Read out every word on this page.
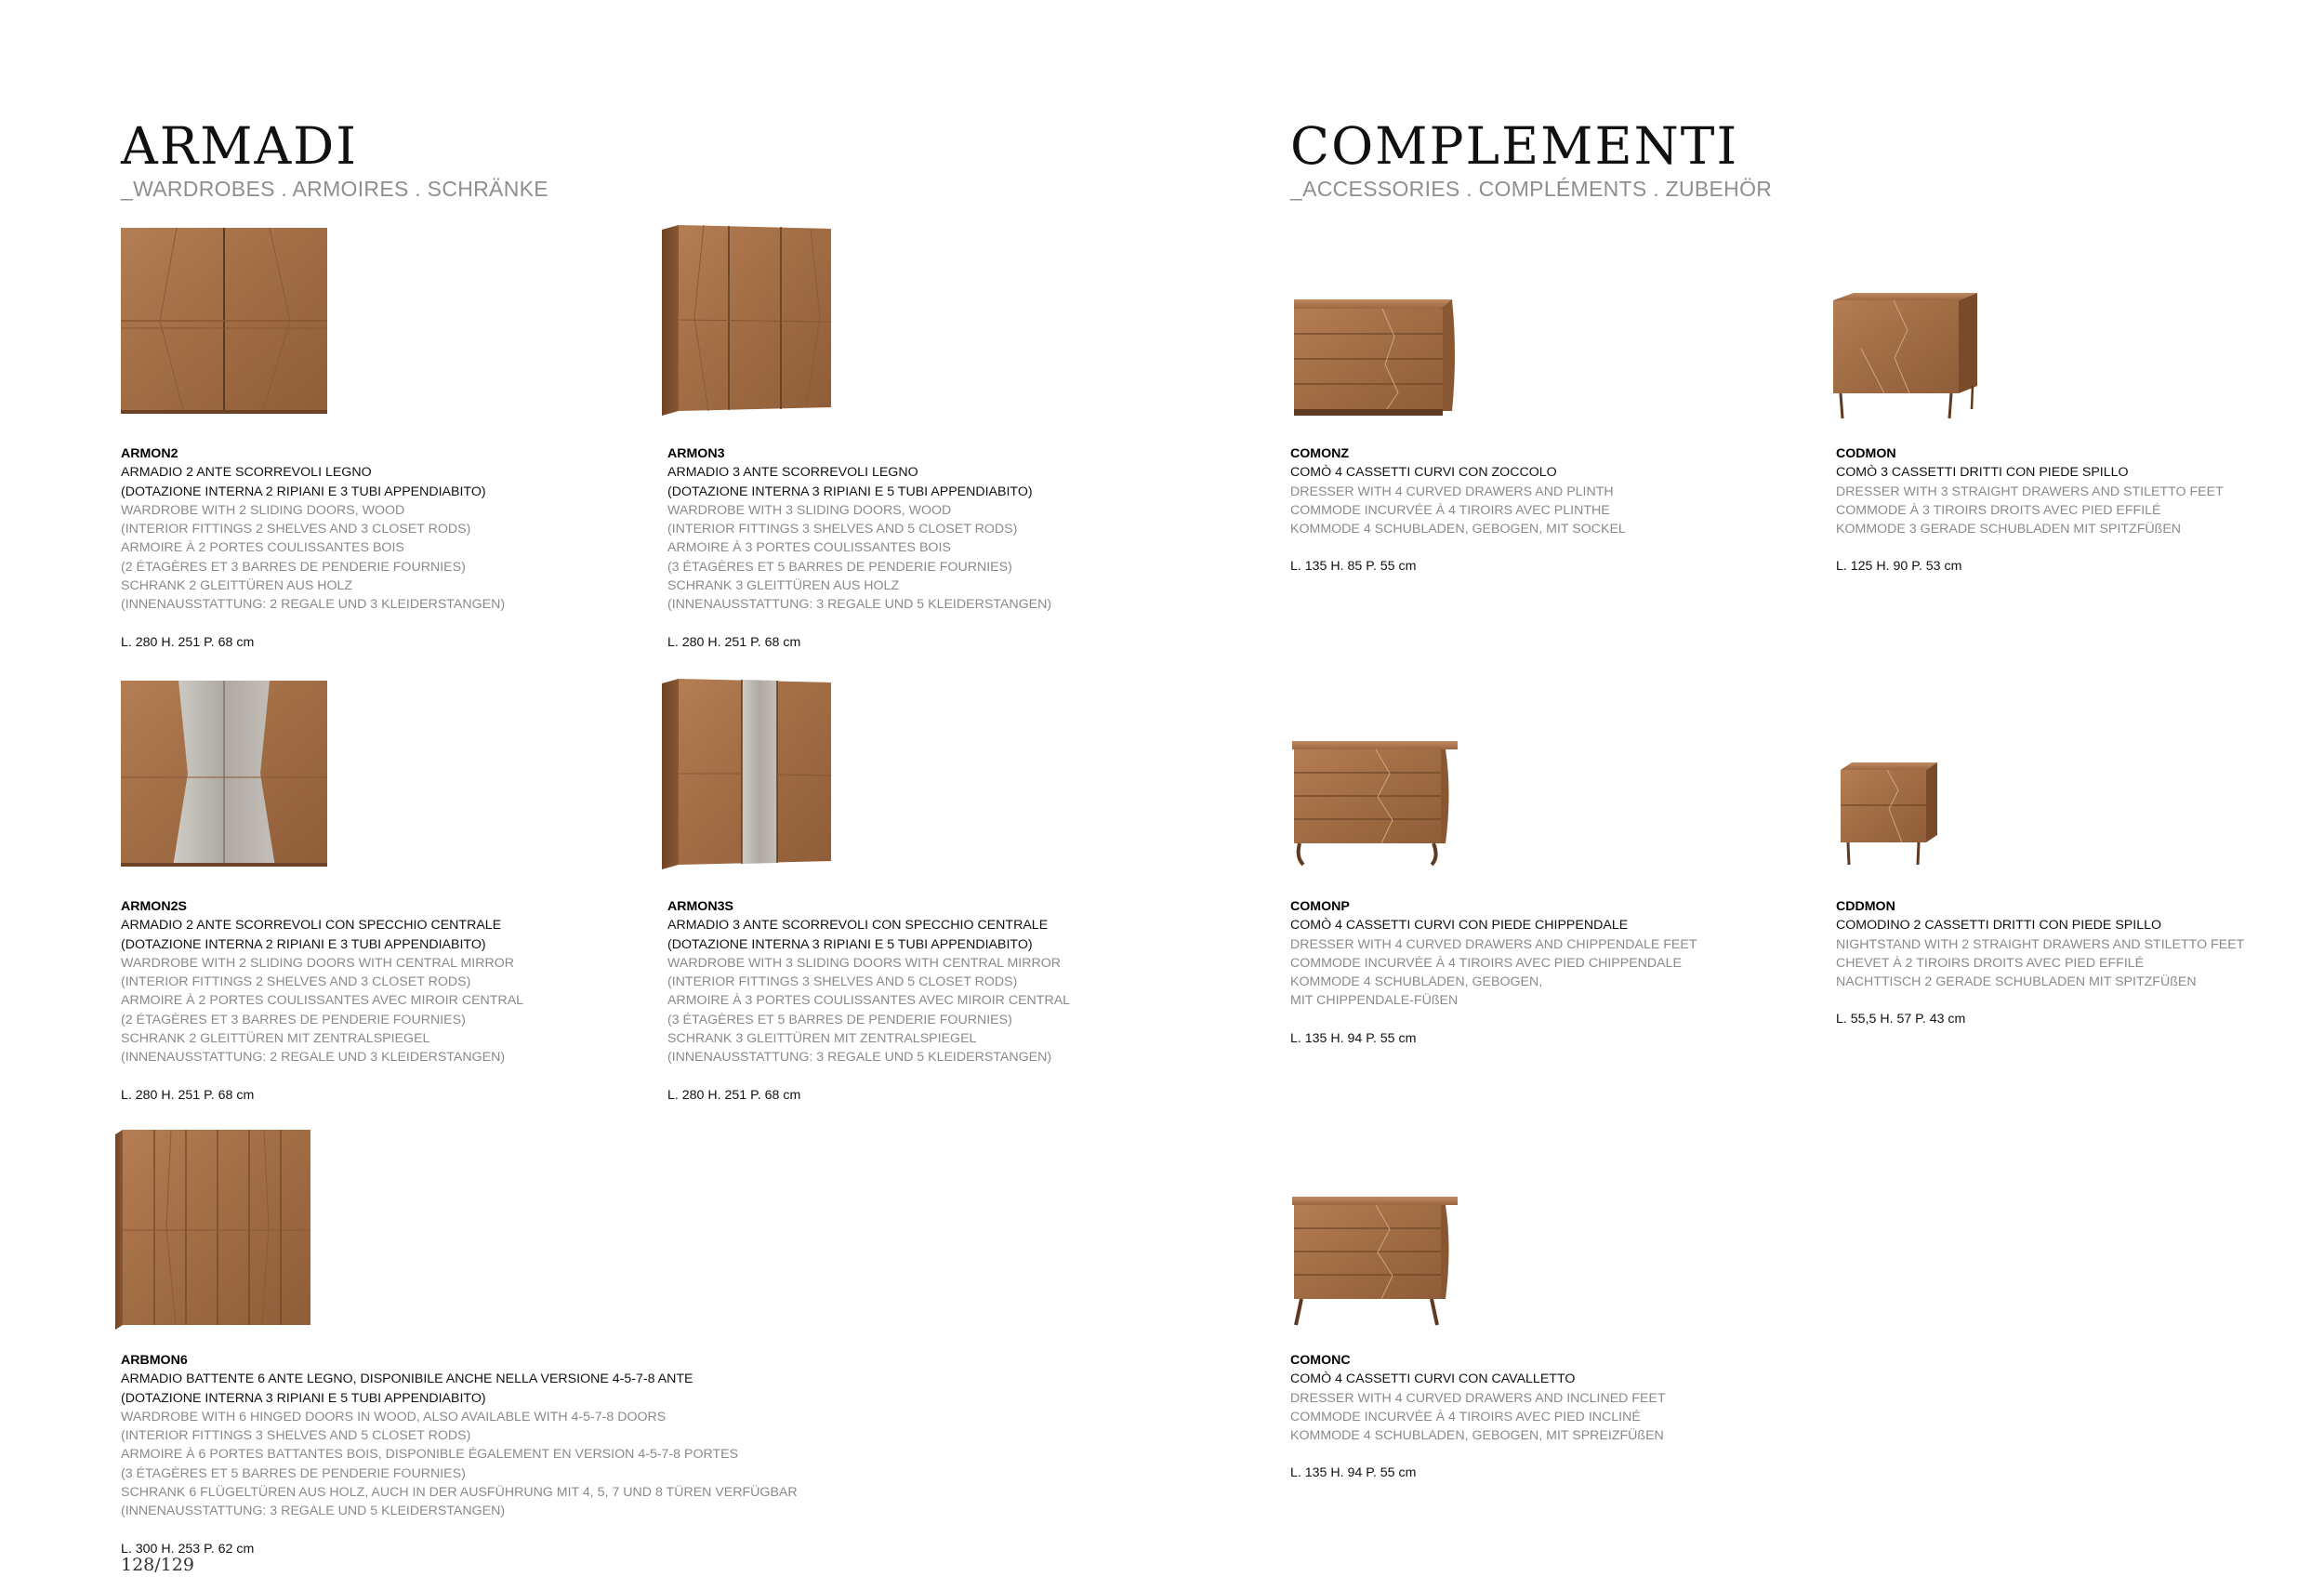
ARMADI
_WARDROBES . ARMOIRES . SCHRÄNKE
ARMON2
ARMADIO 2 ANTE SCORREVOLI LEGNO
(DOTAZIONE INTERNA 2 RIPIANI E 3 TUBI APPENDIABITO)
WARDROBE WITH 2 SLIDING DOORS, WOOD
(INTERIOR FITTINGS 2 SHELVES AND 3 CLOSET RODS)
ARMOIRE À 2 PORTES COULISSANTES BOIS
(2 ÉTAGÈRES ET 3 BARRES DE PENDERIE FOURNIES)
SCHRANK 2 GLEITTÜREN AUS HOLZ
(INNENAUSSTATTUNG: 2 REGALE UND 3 KLEIDERSTANGEN)
L. 280 H. 251 P. 68 cm
ARMON3
ARMADIO 3 ANTE SCORREVOLI LEGNO
(DOTAZIONE INTERNA 3 RIPIANI E 5 TUBI APPENDIABITO)
WARDROBE WITH 3 SLIDING DOORS, WOOD
(INTERIOR FITTINGS 3 SHELVES AND 5 CLOSET RODS)
ARMOIRE À 3 PORTES COULISSANTES BOIS
(3 ÉTAGÈRES ET 5 BARRES DE PENDERIE FOURNIES)
SCHRANK 3 GLEITTÜREN AUS HOLZ
(INNENAUSSTATTUNG: 3 REGALE UND 5 KLEIDERSTANGEN)
L. 280 H. 251 P. 68 cm
ARMON2S
ARMADIO 2 ANTE SCORREVOLI CON SPECCHIO CENTRALE
(DOTAZIONE INTERNA 2 RIPIANI E 3 TUBI APPENDIABITO)
WARDROBE WITH 2 SLIDING DOORS WITH CENTRAL MIRROR
(INTERIOR FITTINGS 2 SHELVES AND 3 CLOSET RODS)
ARMOIRE À 2 PORTES COULISSANTES AVEC MIROIR CENTRAL
(2 ÉTAGÈRES ET 3 BARRES DE PENDERIE FOURNIES)
SCHRANK 2 GLEITTÜREN MIT ZENTRALSPIEGEL
(INNENAUSSTATTUNG: 2 REGALE UND 3 KLEIDERSTANGEN)
L. 280 H. 251 P. 68 cm
ARMON3S
ARMADIO 3 ANTE SCORREVOLI CON SPECCHIO CENTRALE
(DOTAZIONE INTERNA 3 RIPIANI E 5 TUBI APPENDIABITO)
WARDROBE WITH 3 SLIDING DOORS WITH CENTRAL MIRROR
(INTERIOR FITTINGS 3 SHELVES AND 5 CLOSET RODS)
ARMOIRE À 3 PORTES COULISSANTES AVEC MIROIR CENTRAL
(3 ÉTAGÈRES ET 5 BARRES DE PENDERIE FOURNIES)
SCHRANK 3 GLEITTÜREN MIT ZENTRALSPIEGEL
(INNENAUSSTATTUNG: 3 REGALE UND 5 KLEIDERSTANGEN)
L. 280 H. 251 P. 68 cm
ARBMON6
ARMADIO BATTENTE 6 ANTE LEGNO, DISPONIBILE ANCHE NELLA VERSIONE 4-5-7-8 ANTE
(DOTAZIONE INTERNA 3 RIPIANI E 5 TUBI APPENDIABITO)
WARDROBE WITH 6 HINGED DOORS IN WOOD, ALSO AVAILABLE WITH 4-5-7-8 DOORS
(INTERIOR FITTINGS 3 SHELVES AND 5 CLOSET RODS)
ARMOIRE À 6 PORTES BATTANTES BOIS, DISPONIBLE ÉGALEMENT EN VERSION 4-5-7-8 PORTES
(3 ÉTAGÈRES ET 5 BARRES DE PENDERIE FOURNIES)
SCHRANK 6 FLÜGELTÜREN AUS HOLZ, AUCH IN DER AUSFÜHRUNG MIT 4, 5, 7 UND 8 TÜREN VERFÜGBAR
(INNENAUSSTATTUNG: 3 REGALE UND 5 KLEIDERSTANGEN)
L. 300 H. 253 P. 62 cm
COMPLEMENTI
_ACCESSORIES . COMPLÉMENTS . ZUBEHÖR
COMONZ
COMÒ 4 CASSETTI CURVI CON ZOCCOLO
DRESSER WITH 4 CURVED DRAWERS AND PLINTH
COMMODE INCURVÉE À 4 TIROIRS AVEC PLINTHE
KOMMODE 4 SCHUBLADEN, GEBOGEN, MIT SOCKEL
L. 135 H. 85 P. 55 cm
CODMON
COMÒ 3 CASSETTI DRITTI CON PIEDE SPILLO
DRESSER WITH 3 STRAIGHT DRAWERS AND STILETTO FEET
COMMODE À 3 TIROIRS DROITS AVEC PIED EFFILÉ
KOMMODE 3 GERADE SCHUBLADEN MIT SPITZFÜßEN
L. 125 H. 90 P. 53 cm
COMONP
COMÒ 4 CASSETTI CURVI CON PIEDE CHIPPENDALE
DRESSER WITH 4 CURVED DRAWERS AND CHIPPENDALE FEET
COMMODE INCURVÉE À 4 TIROIRS AVEC PIED CHIPPENDALE
KOMMODE 4 SCHUBLADEN, GEBOGEN,
MIT CHIPPENDALE-FÜßEN
L. 135 H. 94 P. 55 cm
CDDMON
COMODINO 2 CASSETTI DRITTI CON PIEDE SPILLO
NIGHTSTAND WITH 2 STRAIGHT DRAWERS AND STILETTO FEET
CHEVET À 2 TIROIRS DROITS AVEC PIED EFFILÉ
NACHTTISCH 2 GERADE SCHUBLADEN MIT SPITZFÜßEN
L. 55,5 H. 57 P. 43 cm
COMONC
COMÒ 4 CASSETTI CURVI CON CAVALLETTO
DRESSER WITH 4 CURVED DRAWERS AND INCLINED FEET
COMMODE INCURVÉE À 4 TIROIRS AVEC PIED INCLINÉ
KOMMODE 4 SCHUBLADEN, GEBOGEN, MIT SPREIZFÜßEN
L. 135 H. 94 P. 55 cm
128/129
